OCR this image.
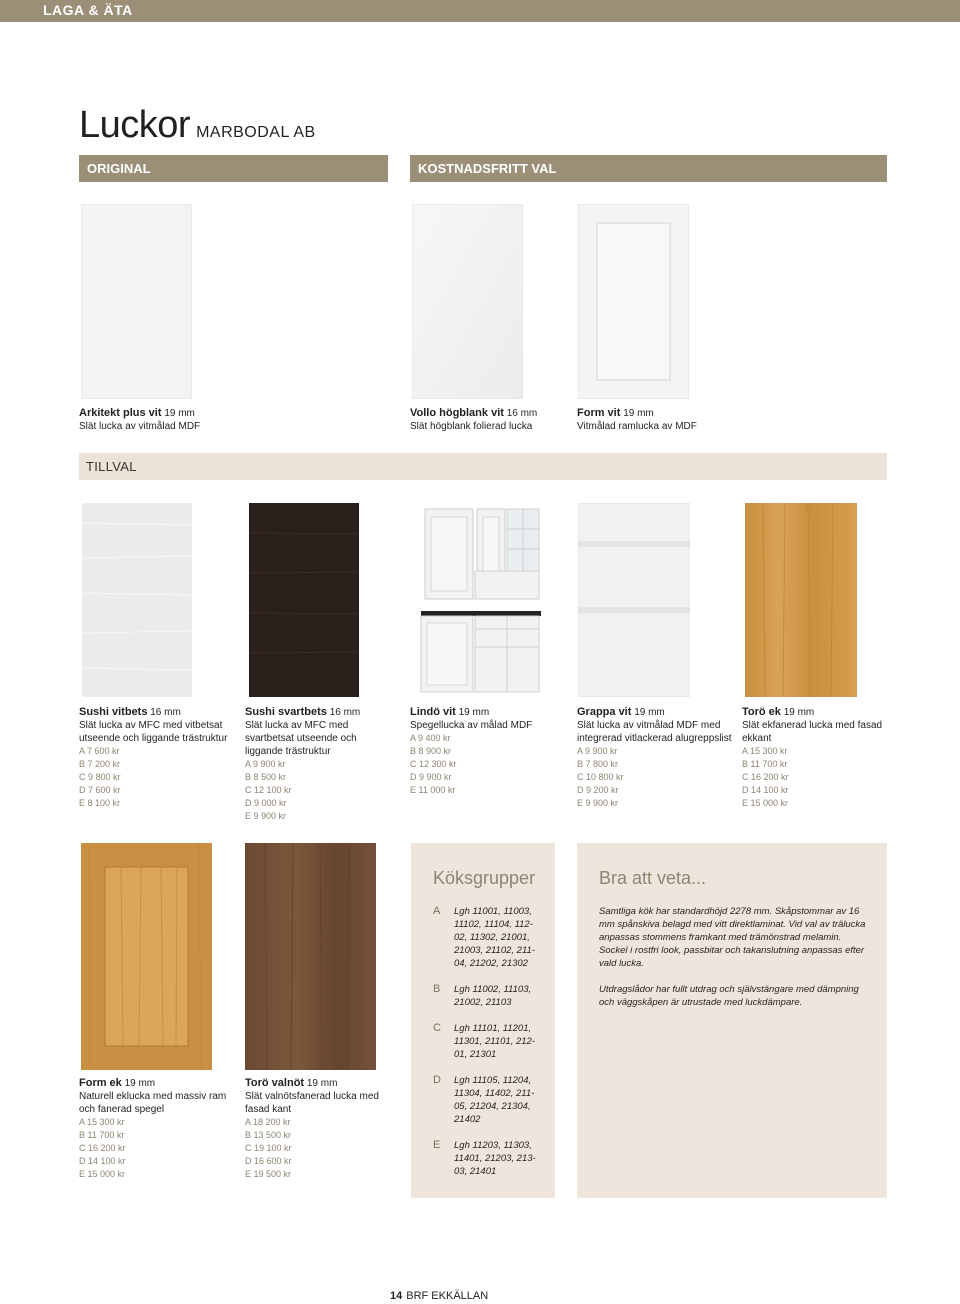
LAGA & ÄTA
Luckor MARBODAL AB
ORIGINAL	KOSTNADSFRITT VAL
TILLVAL
Arkitekt plus vit 19 mm
Slät lucka av vitmålad MDF
Vollo högblank vit 16 mm
Slät högblank folierad lucka
Form vit 19 mm
Vitmålad ramlucka av MDF
Sushi vitbets 16 mm
Slät lucka av MFC med vitbetsat utseende och liggande trästruktur
A 7 600 kr
B 7 200 kr
C 9 800 kr
D 7 600 kr
E 8 100 kr
Sushi svartbets 16 mm
Slät lucka av MFC med svartbetsat utseende och liggande trästruktur
A 9 900 kr
B 8 500 kr
C 12 100 kr
D 9 000 kr
E 9 900 kr
Lindö vit 19 mm
Spegellucka av målad MDF
A 9 400 kr
B 8 900 kr
C 12 300 kr
D 9 900 kr
E 11 000 kr
Grappa vit 19 mm
Slät lucka av vitmålad MDF med integrerad vitlackerad alugreppslist
A 9 900 kr
B 7 800 kr
C 10 800 kr
D 9 200 kr
E 9 900 kr
Torö ek 19 mm
Slät ekfanerad lucka med fasad ekkant
A 15 300 kr
B 11 700 kr
C 16 200 kr
D 14 100 kr
E 15 000 kr
Form ek 19 mm
Naturell eklucka med massiv ram och fanerad spegel
A 15 300 kr
B 11 700 kr
C 16 200 kr
D 14 100 kr
E 15 000 kr
Torö valnöt 19 mm
Slät valnötsfanerad lucka med fasad kant
A 18 200 kr
B 13 500 kr
C 19 100 kr
D 16 600 kr
E 19 500 kr
Köksgrupper
A Lgh 11001, 11003, 11102, 11104, 112-02, 11302, 21001, 21003, 21102, 211-04, 21202, 21302
B Lgh 11002, 11103, 21002, 21103
C Lgh 11101, 11201, 11301, 21101, 212-01, 21301
D Lgh 11105, 11204, 11304, 11402, 211-05, 21204, 21304, 21402
E Lgh 11203, 11303, 11401, 21203, 213-03, 21401
Bra att veta...
Samtliga kök har standardhöjd 2278 mm. Skåpstommar av 16 mm spånskiva belagd med vitt direktlaminat. Vid val av trälucka anpassas stommens framkant med trämönstrad melamin. Sockel i rostfri look, passbitar och takanslutning anpassas efter vald lucka.
Utdragslådor har fullt utdrag och självstängare med dämpning och väggskåpen är utrustade med luckdämpare.
14 BRF EKKÄLLAN
